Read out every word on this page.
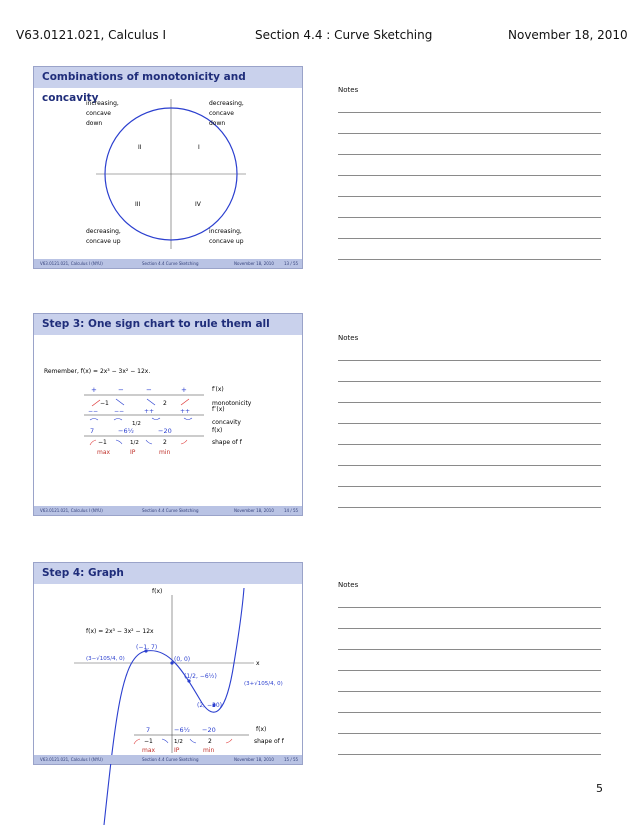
V63.0121.021, Calculus I	Section 4.4 : Curve Sketching	November 18, 2010
Combinations of monotonicity and concavity
II	I
III	IV
increasing,
concave
down
decreasing,
concave
down
decreasing,
concave up
increasing,
concave up
V63.0121.021, Calculus I (NYU)	Section 4.4 Curve Sketching	November 18, 2010	13 / 55
Step 3: One sign chart to rule them all
Remember, f(x) = 2x³ − 3x² − 12x.
+	−	−	+	f′(x)
−1	2	monotonicity
−−	−−	++	++	f″(x)
1/2	concavity
7	−6½	−20	f(x)
−1	1/2	2	shape of f
max	IP	min
V63.0121.021, Calculus I (NYU)	Section 4.4 Curve Sketching	November 18, 2010	14 / 55
Step 4: Graph
f(x)
x
f(x) = 2x³ − 3x² − 12x
(−1, 7)
(0, 0)
(1/2, −6½)
(2, −20)
(3−√105/4, 0)
(3+√105/4, 0)
7	−6½ −20	f(x)
−1	1/2	2	shape of f
max	IP	min
V63.0121.021, Calculus I (NYU)	Section 4.4 Curve Sketching	November 18, 2010	15 / 55
Notes
Notes
Notes
5
